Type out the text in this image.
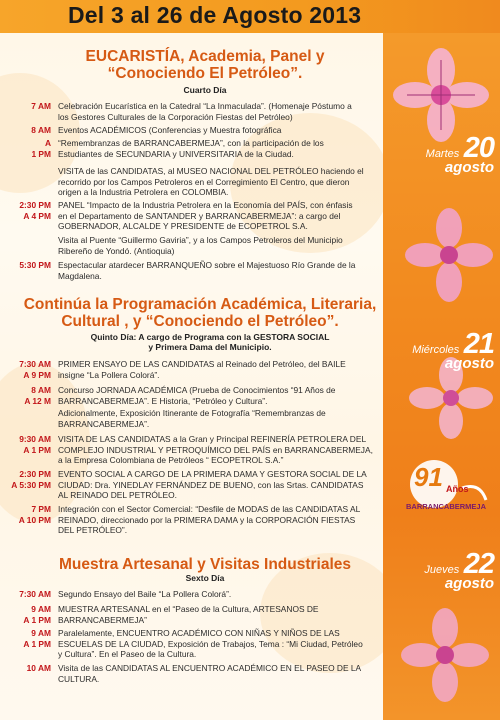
Del 3 al 26 de Agosto 2013
EUCARISTÍA, Academia, Panel y
“Conociendo El Petróleo”.
Cuarto Día
7 AM Celebración Eucarística en la Catedral “La Inmaculada”. (Homenaje Póstumo a
los Gestores Culturales de la Corporación Fiestas del Petróleo)
8 AM Eventos ACADÉMICOS (Conferencias y Muestra fotográfica
A
1 PM
“Remembranzas de BARRANCABERMEJA”, con la participación de los
Estudiantes de SECUNDARIA y UNIVERSITARIA de la Ciudad.
VISITA de las CANDIDATAS, al MUSEO NACIONAL DEL PETRÓLEO haciendo el
recorrido por los Campos Petroleros en el Corregimiento El Centro, que dieron
origen a la Industria Petrolera en COLOMBIA.
2:30 PM
A 4 PM
PANEL “Impacto de la Industria Petrolera en la Economía del PAÍS, con énfasis
en el Departamento de SANTANDER y BARRANCABERMEJA”: a cargo del
GOBERNADOR, ALCALDE Y PRESIDENTE de ECOPETROL S.A.
Visita al Puente “Guillermo Gaviria”, y a los Campos Petroleros del Municipio
Ribereño de Yondó. (Antioquia)
5:30 PM Espectacular atardecer BARRANQUEÑO sobre el Majestuoso Río Grande de la
Magdalena.
Continúa la Programación Académica, Literaria,
Cultural , y “Conociendo el Petróleo”.
Quinto Día: A cargo de Programa con la GESTORA SOCIAL
y Primera Dama del Municipio.
7:30 AM
A 9 PM
PRIMER ENSAYO DE LAS CANDIDATAS al Reinado del Petróleo, del BAILE
insigne “La Pollera Colorá”.
8 AM
A 12 M
Concurso JORNADA ACADÉMICA (Prueba de Conocimientos “91 Años de
BARRANCABERMEJA”. E Historia, “Petróleo y Cultura”.
Adicionalmente, Exposición Itinerante de Fotografía “Remembranzas de
BARRANCABERMEJA”.
9:30 AM
A 1 PM
VISITA DE LAS CANDIDATAS a la Gran y Principal REFINERÍA PETROLERA DEL
COMPLEJO INDUSTRIAL Y PETROQUÍMICO DEL PAÍS en BARRANCABERMEJA,
a la Empresa Colombiana de Petróleos “ ECOPETROL S.A.”
2:30 PM
A 5:30 PM
EVENTO SOCIAL A CARGO DE LA PRIMERA DAMA Y GESTORA SOCIAL DE LA
CIUDAD: Dra. YINEDLAY FERNÁNDEZ DE BUENO, con las Srtas. CANDIDATAS
AL REINADO DEL PETRÓLEO.
7 PM
A 10 PM
Integración con el Sector Comercial: “Desfile de MODAS de las CANDIDATAS AL
REINADO, direccionado por la PRIMERA DAMA y la CORPORACIÓN FIESTAS
DEL PETRÓLEO”.
Muestra Artesanal y Visitas Industriales
Sexto Día
7:30 AM Segundo Ensayo del Baile “La Pollera Colorá”.
9 AM
A 1 PM
MUESTRA ARTESANAL en el “Paseo de la Cultura, ARTESANOS DE
BARRANCABERMEJA”
9 AM
A 1 PM
Paralelamente, ENCUENTRO ACADÉMICO CON NIÑAS Y NIÑOS DE LAS
ESCUELAS DE LA CIUDAD, Exposición de Trabajos, Tema : “Mi Ciudad, Petróleo
y Cultura”. En el Paseo de la Cultura.
10 AM Visita de las CANDIDATAS AL ENCUENTRO ACADÉMICO EN EL PASEO DE LA
CULTURA.
Martes 20
agosto
Miércoles 21
agosto
Jueves 22
agosto
91 Años
BARRANCABERMEJA
